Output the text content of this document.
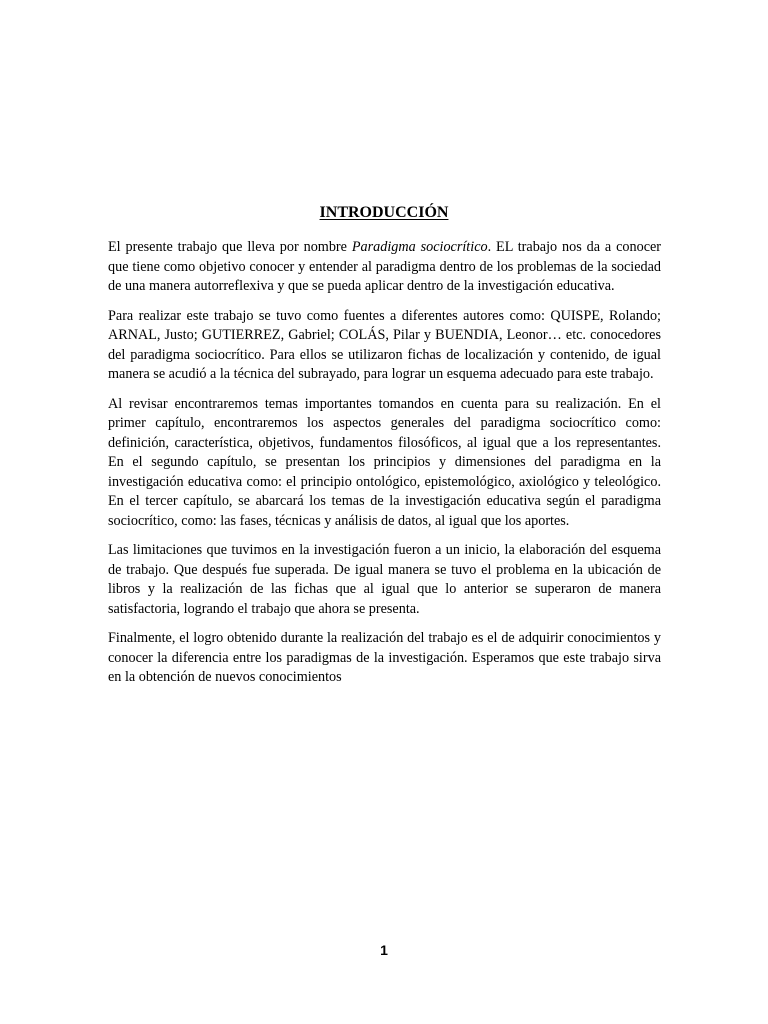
INTRODUCCIÓN

El presente trabajo que lleva por nombre Paradigma sociocrítico. EL trabajo nos da a conocer que tiene como objetivo conocer y entender al paradigma dentro de los problemas de la sociedad de una manera autorreflexiva y que se pueda aplicar dentro de la investigación educativa.

Para realizar este trabajo se tuvo como fuentes a diferentes autores como: QUISPE, Rolando; ARNAL, Justo; GUTIERREZ, Gabriel; COLÁS, Pilar y BUENDIA, Leonor… etc. conocedores del paradigma sociocrítico. Para ellos se utilizaron fichas de localización y contenido, de igual manera se acudió a la técnica del subrayado, para lograr un esquema adecuado para este trabajo.

Al revisar encontraremos temas importantes tomandos en cuenta para su realización. En el primer capítulo, encontraremos los aspectos generales del paradigma sociocrítico como: definición, característica, objetivos, fundamentos filosóficos, al igual que a los representantes. En el segundo capítulo, se presentan los principios y dimensiones del paradigma en la investigación educativa como: el principio ontológico, epistemológico, axiológico y teleológico. En el tercer capítulo, se abarcará los temas de la investigación educativa según el paradigma sociocrítico, como: las fases, técnicas y análisis de datos, al igual que los aportes.

Las limitaciones que tuvimos en la investigación fueron a un inicio, la elaboración del esquema de trabajo. Que después fue superada. De igual manera se tuvo el problema en la ubicación de libros y la realización de las fichas que al igual que lo anterior se superaron de manera satisfactoria, logrando el trabajo que ahora se presenta.

Finalmente, el logro obtenido durante la realización del trabajo es el de adquirir conocimientos y conocer la diferencia entre los paradigmas de la investigación. Esperamos que este trabajo sirva en la obtención de nuevos conocimientos

1
